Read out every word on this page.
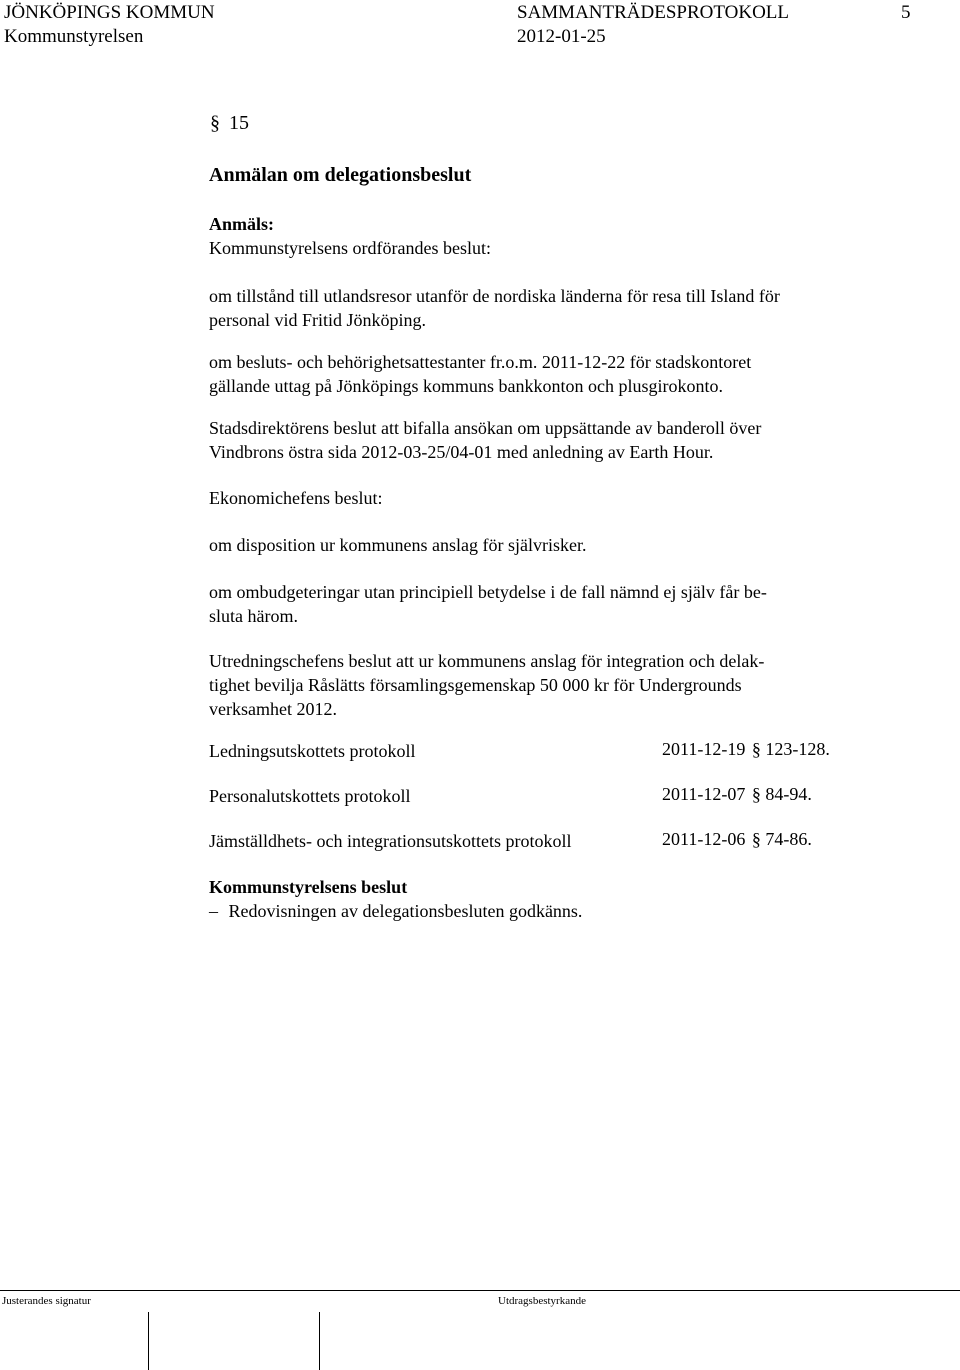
JÖNKÖPINGS KOMMUN	SAMMANTRÄDESPROTOKOLL	5
Kommunstyrelsen	2012-01-25
§ 15
Anmälan om delegationsbeslut
Anmäls:
Kommunstyrelsens ordförandes beslut:
om tillstånd till utlandsresor utanför de nordiska länderna för resa till Island för
personal vid Fritid Jönköping.
om besluts- och behörighetsattestanter fr.o.m. 2011-12-22 för stadskontoret
gällande uttag på Jönköpings kommuns bankkonton och plusgirokonto.
Stadsdirektörens beslut att bifalla ansökan om uppsättande av banderoll över
Vindbrons östra sida 2012-03-25/04-01 med anledning av Earth Hour.
Ekonomichefens beslut:
om disposition ur kommunens anslag för självrisker.
om ombudgeteringar utan principiell betydelse i de fall nämnd ej själv får be-
sluta härom.
Utredningschefens beslut att ur kommunens anslag för integration och delak-
tighet bevilja Råslätts församlingsgemenskap 50 000 kr för Undergrounds
verksamhet 2012.
Ledningsutskottets protokoll	2011-12-19 § 123-128.
Personalutskottets protokoll	2011-12-07 § 84-94.
Jämställdhets- och integrationsutskottets protokoll	2011-12-06 § 74-86.
Kommunstyrelsens beslut
– Redovisningen av delegationsbesluten godkänns.
Justerandes signatur	Utdragsbestyrkande
